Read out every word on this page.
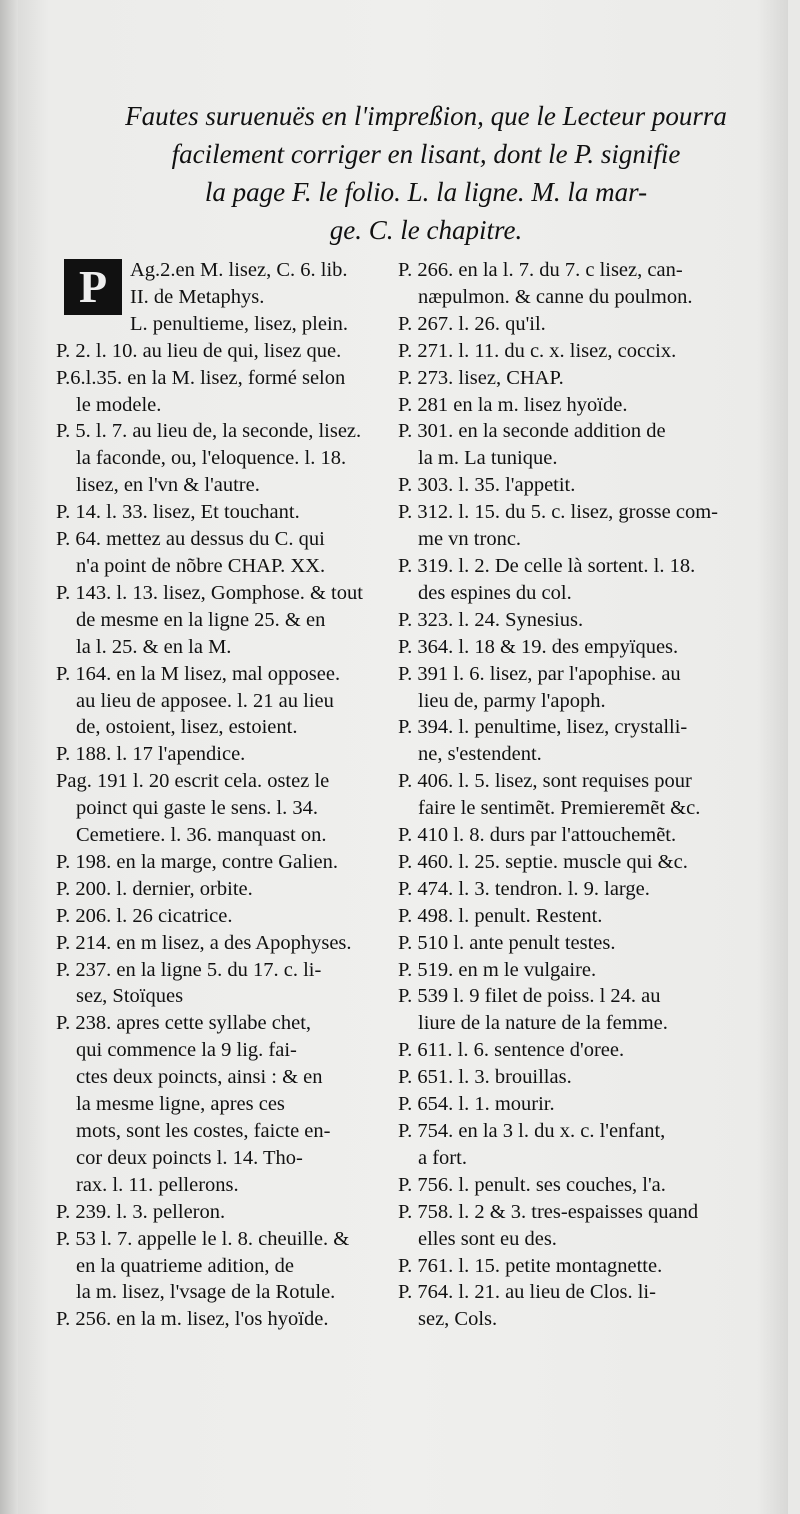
Fautes suruenuës en l'impreßion, que le Lecteur pourra
facilement corriger en lisant, dont le P. signifie
la page F. le folio. L. la ligne. M. la mar-
ge. C. le chapitre.
P	Ag.2.en M. lisez, C. 6. lib.
II. de Metaphys.
L. penultieme, lisez, plein.
P. 2. l. 10. au lieu de qui, lisez que.
P.6.l.35. en la M. lisez, formé selon
le modele.
P. 5. l. 7. au lieu de, la seconde, lisez.
la faconde, ou, l'eloquence. l. 18.
lisez, en l'vn & l'autre.
P. 14. l. 33. lisez, Et touchant.
P. 64. mettez au dessus du C. qui
n'a point de nõbre CHAP. XX.
P. 143. l. 13. lisez, Gomphose. & tout
de mesme en la ligne 25. & en
la l. 25. & en la M.
P. 164. en la M lisez, mal opposee.
au lieu de apposee. l. 21 au lieu
de, ostoient, lisez, estoient.
P. 188. l. 17 l'apendice.
Pag. 191 l. 20 escrit cela. ostez le
poinct qui gaste le sens. l. 34.
Cemetiere. l. 36. manquast on.
P. 198. en la marge, contre Galien.
P. 200. l. dernier, orbite.
P. 206. l. 26 cicatrice.
P. 214. en m lisez, a des Apophyses.
P. 237. en la ligne 5. du 17. c. li-
sez, Stoïques
P. 238. apres cette syllabe chet,
qui commence la 9 lig. fai-
ctes deux poincts, ainsi : & en
la mesme ligne, apres ces
mots, sont les costes, faicte en-
cor deux poincts l. 14. Tho-
rax. l. 11. pellerons.
P. 239. l. 3. pelleron.
P. 53 l. 7. appelle le l. 8. cheuille. &
en la quatrieme adition, de
la m. lisez, l'vsage de la Rotule.
P. 256. en la m. lisez, l'os hyoïde.
P. 266. en la l. 7. du 7. c lisez, can-
næpulmon. & canne du poulmon.
P. 267. l. 26. qu'il.
P. 271. l. 11. du c. x. lisez, coccix.
P. 273. lisez, CHAP.
P. 281 en la m. lisez hyoïde.
P. 301. en la seconde addition de
la m. La tunique.
P. 303. l. 35. l'appetit.
P. 312. l. 15. du 5. c. lisez, grosse com-
me vn tronc.
P. 319. l. 2. De celle là sortent. l. 18.
des espines du col.
P. 323. l. 24. Synesius.
P. 364. l. 18 & 19. des empyïques.
P. 391 l. 6. lisez, par l'apophise. au
lieu de, parmy l'apoph.
P. 394. l. penultime, lisez, crystalli-
ne, s'estendent.
P. 406. l. 5. lisez, sont requises pour
faire le sentimẽt. Premieremẽt &c.
P. 410 l. 8. durs par l'attouchemẽt.
P. 460. l. 25. septie. muscle qui &c.
P. 474. l. 3. tendron. l. 9. large.
P. 498. l. penult. Restent.
P. 510 l. ante penult testes.
P. 519. en m le vulgaire.
P. 539 l. 9 filet de poiss. l 24. au
liure de la nature de la femme.
P. 611. l. 6. sentence d'oree.
P. 651. l. 3. brouillas.
P. 654. l. 1. mourir.
P. 754. en la 3 l. du x. c. l'enfant,
a fort.
P. 756. l. penult. ses couches, l'a.
P. 758. l. 2 & 3. tres-espaisses quand
elles sont eu des.
P. 761. l. 15. petite montagnette.
P. 764. l. 21. au lieu de Clos. li-
sez, Cols.
